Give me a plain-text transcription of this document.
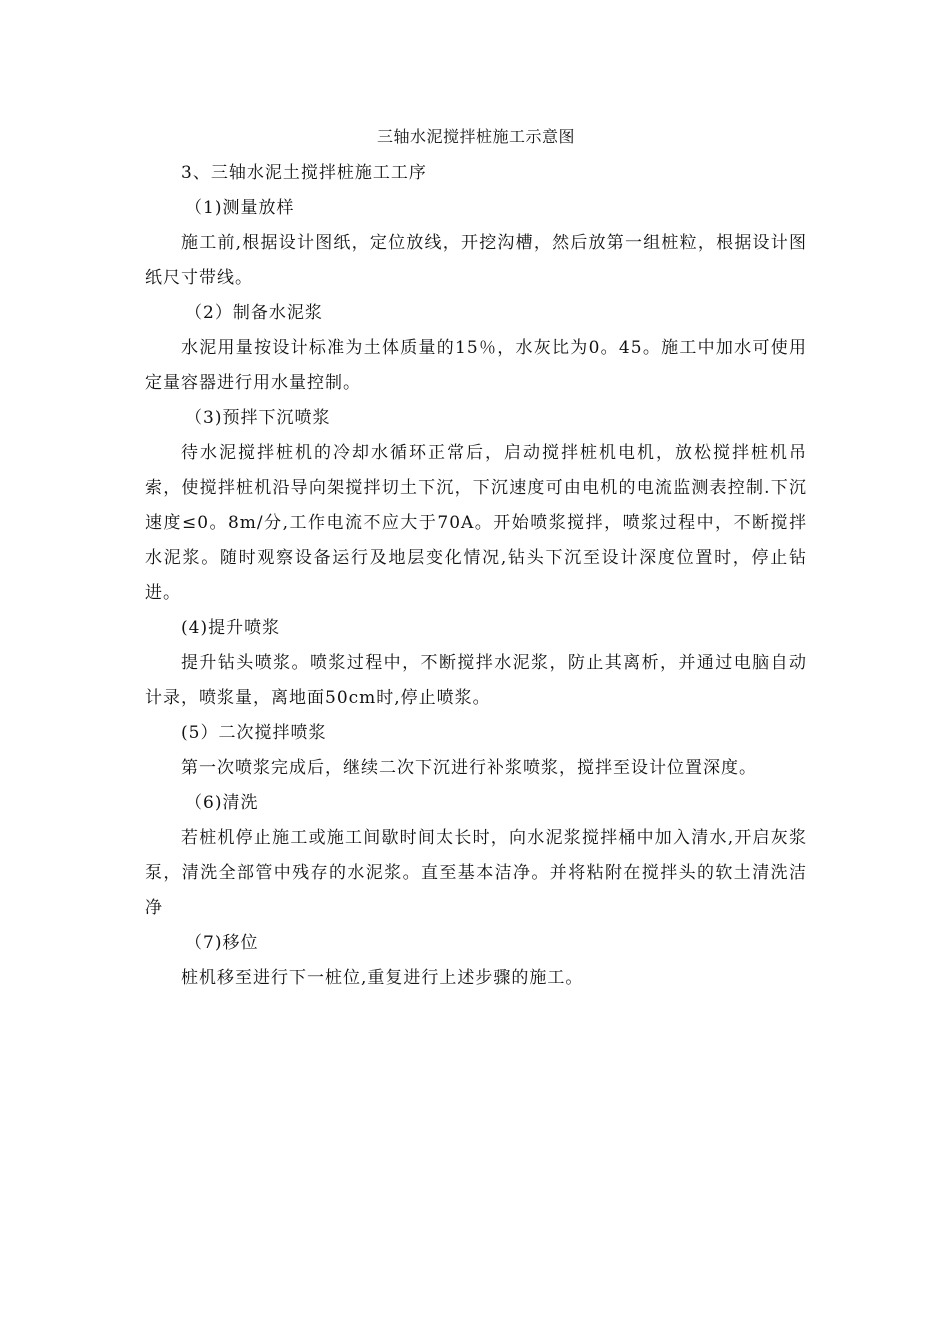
三轴水泥搅拌桩施工示意图

3、三轴水泥土搅拌桩施工工序

（1)测量放样

施工前,根据设计图纸，定位放线，开挖沟槽，然后放第一组桩粒，根据设计图纸尺寸带线。

（2）制备水泥浆

水泥用量按设计标准为土体质量的15％，水灰比为0。45。施工中加水可使用定量容器进行用水量控制。

（3)预拌下沉喷浆

待水泥搅拌桩机的冷却水循环正常后，启动搅拌桩机电机，放松搅拌桩机吊索，使搅拌桩机沿导向架搅拌切土下沉，下沉速度可由电机的电流监测表控制.下沉速度≤0。8m/分,工作电流不应大于70A。开始喷浆搅拌，喷浆过程中，不断搅拌水泥浆。随时观察设备运行及地层变化情况,钻头下沉至设计深度位置时，停止钻进。

(4)提升喷浆

提升钻头喷浆。喷浆过程中，不断搅拌水泥浆，防止其离析，并通过电脑自动计录，喷浆量，离地面50cm时,停止喷浆。

(5）二次搅拌喷浆

第一次喷浆完成后，继续二次下沉进行补浆喷浆，搅拌至设计位置深度。

（6)清洗

若桩机停止施工或施工间歇时间太长时，向水泥浆搅拌桶中加入清水,开启灰浆泵，清洗全部管中残存的水泥浆。直至基本洁净。并将粘附在搅拌头的软土清洗洁净

（7)移位

桩机移至进行下一桩位,重复进行上述步骤的施工。
